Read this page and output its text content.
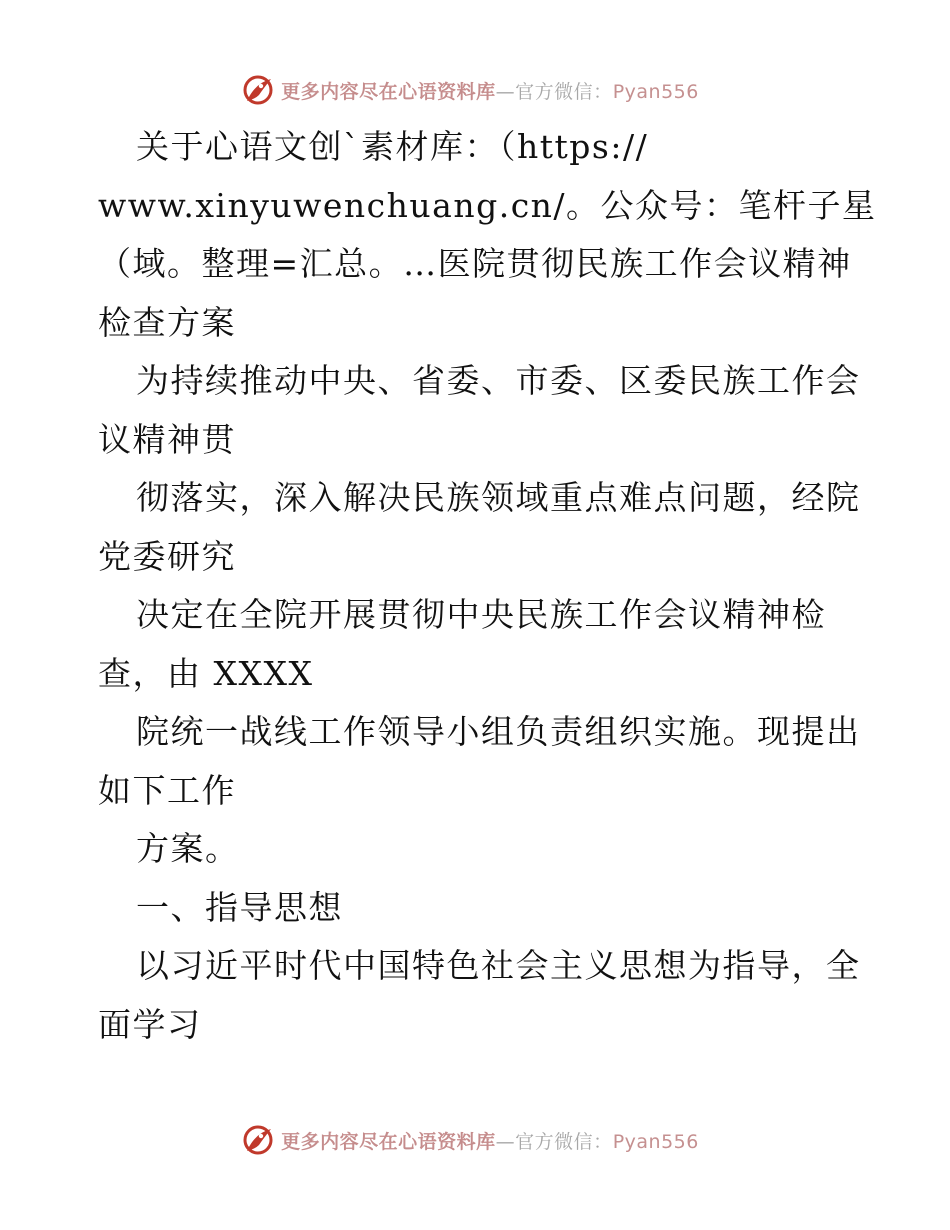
更多内容尽在心语资料库—官方微信：Pyan556
关于心语文创`素材库：（https://
www.xinyuwenchuang.cn/。公众号：笔杆子星
（域。整理=汇总。…医院贯彻民族工作会议精神
检查方案
为持续推动中央、省委、市委、区委民族工作会
议精神贯
彻落实，深入解决民族领域重点难点问题，经院
党委研究
决定在全院开展贯彻中央民族工作会议精神检
查，由 XXXX
院统一战线工作领导小组负责组织实施。现提出
如下工作
方案。
一、指导思想
以习近平时代中国特色社会主义思想为指导，全
面学习
更多内容尽在心语资料库—官方微信：Pyan556
